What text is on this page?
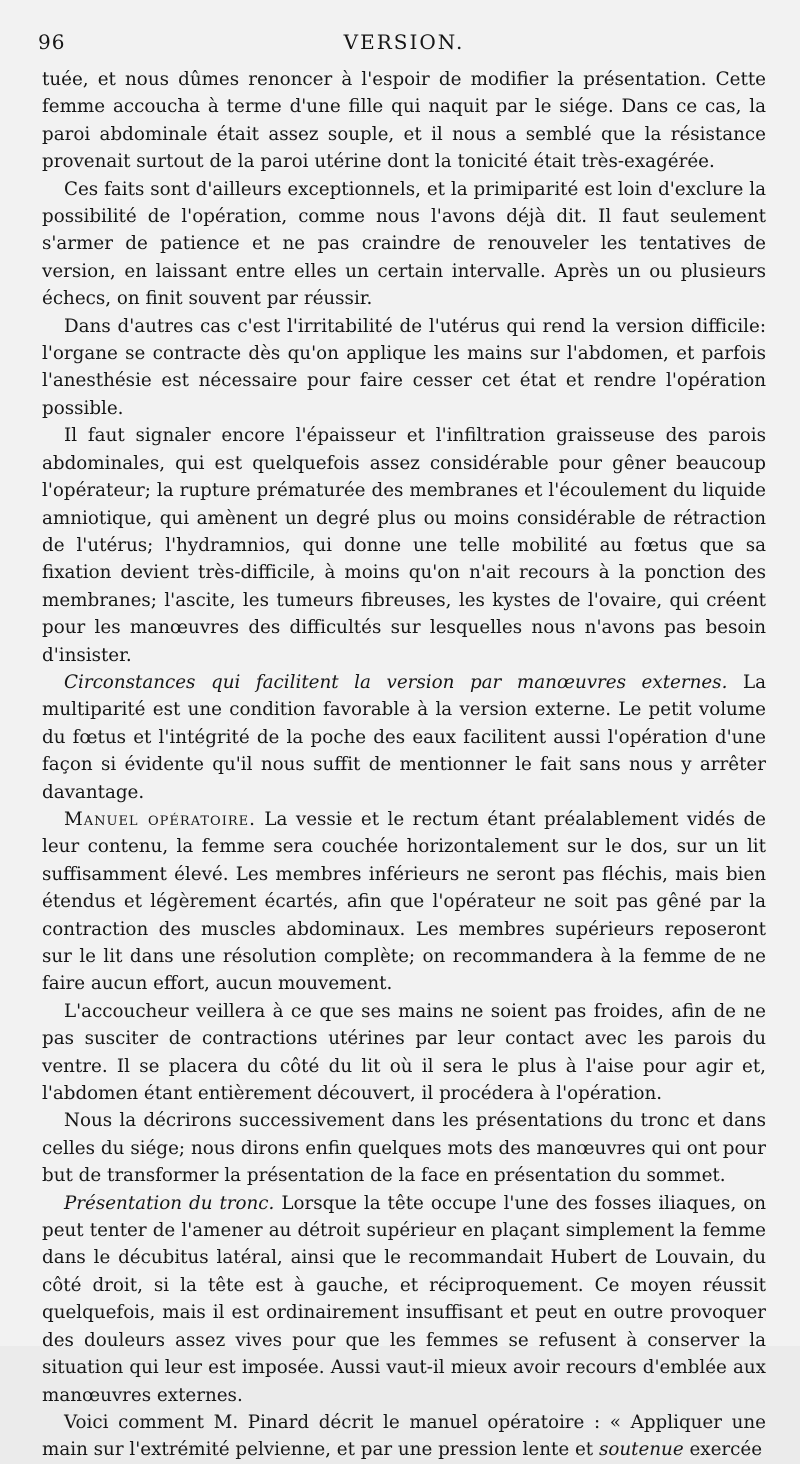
96	VERSION.

tuée, et nous dûmes renoncer à l'espoir de modifier la présentation. Cette femme accoucha à terme d'une fille qui naquit par le siége. Dans ce cas, la paroi abdominale était assez souple, et il nous a semblé que la résistance provenait surtout de la paroi utérine dont la tonicité était très-exagérée.

Ces faits sont d'ailleurs exceptionnels, et la primiparité est loin d'exclure la possibilité de l'opération, comme nous l'avons déjà dit. Il faut seulement s'armer de patience et ne pas craindre de renouveler les tentatives de version, en laissant entre elles un certain intervalle. Après un ou plusieurs échecs, on finit souvent par réussir.

Dans d'autres cas c'est l'irritabilité de l'utérus qui rend la version difficile: l'organe se contracte dès qu'on applique les mains sur l'abdomen, et parfois l'anesthésie est nécessaire pour faire cesser cet état et rendre l'opération possible.

Il faut signaler encore l'épaisseur et l'infiltration graisseuse des parois abdominales, qui est quelquefois assez considérable pour gêner beaucoup l'opérateur; la rupture prématurée des membranes et l'écoulement du liquide amniotique, qui amènent un degré plus ou moins considérable de rétraction de l'utérus; l'hydramnios, qui donne une telle mobilité au fœtus que sa fixation devient très-difficile, à moins qu'on n'ait recours à la ponction des membranes; l'ascite, les tumeurs fibreuses, les kystes de l'ovaire, qui créent pour les manœuvres des difficultés sur lesquelles nous n'avons pas besoin d'insister.

Circonstances qui facilitent la version par manœuvres externes. La multiparité est une condition favorable à la version externe. Le petit volume du fœtus et l'intégrité de la poche des eaux facilitent aussi l'opération d'une façon si évidente qu'il nous suffit de mentionner le fait sans nous y arrêter davantage.

Manuel opératoire. La vessie et le rectum étant préalablement vidés de leur contenu, la femme sera couchée horizontalement sur le dos, sur un lit suffisamment élevé. Les membres inférieurs ne seront pas fléchis, mais bien étendus et légèrement écartés, afin que l'opérateur ne soit pas gêné par la contraction des muscles abdominaux. Les membres supérieurs reposeront sur le lit dans une résolution complète; on recommandera à la femme de ne faire aucun effort, aucun mouvement.

L'accoucheur veillera à ce que ses mains ne soient pas froides, afin de ne pas susciter de contractions utérines par leur contact avec les parois du ventre. Il se placera du côté du lit où il sera le plus à l'aise pour agir et, l'abdomen étant entièrement découvert, il procédera à l'opération.

Nous la décrirons successivement dans les présentations du tronc et dans celles du siége; nous dirons enfin quelques mots des manœuvres qui ont pour but de transformer la présentation de la face en présentation du sommet.

Présentation du tronc. Lorsque la tête occupe l'une des fosses iliaques, on peut tenter de l'amener au détroit supérieur en plaçant simplement la femme dans le décubitus latéral, ainsi que le recommandait Hubert de Louvain, du côté droit, si la tête est à gauche, et réciproquement. Ce moyen réussit quelquefois, mais il est ordinairement insuffisant et peut en outre provoquer des douleurs assez vives pour que les femmes se refusent à conserver la situation qui leur est imposée. Aussi vaut-il mieux avoir recours d'emblée aux manœuvres externes.

Voici comment M. Pinard décrit le manuel opératoire : « Appliquer une main sur l'extrémité pelvienne, et par une pression lente et soutenue exercée
